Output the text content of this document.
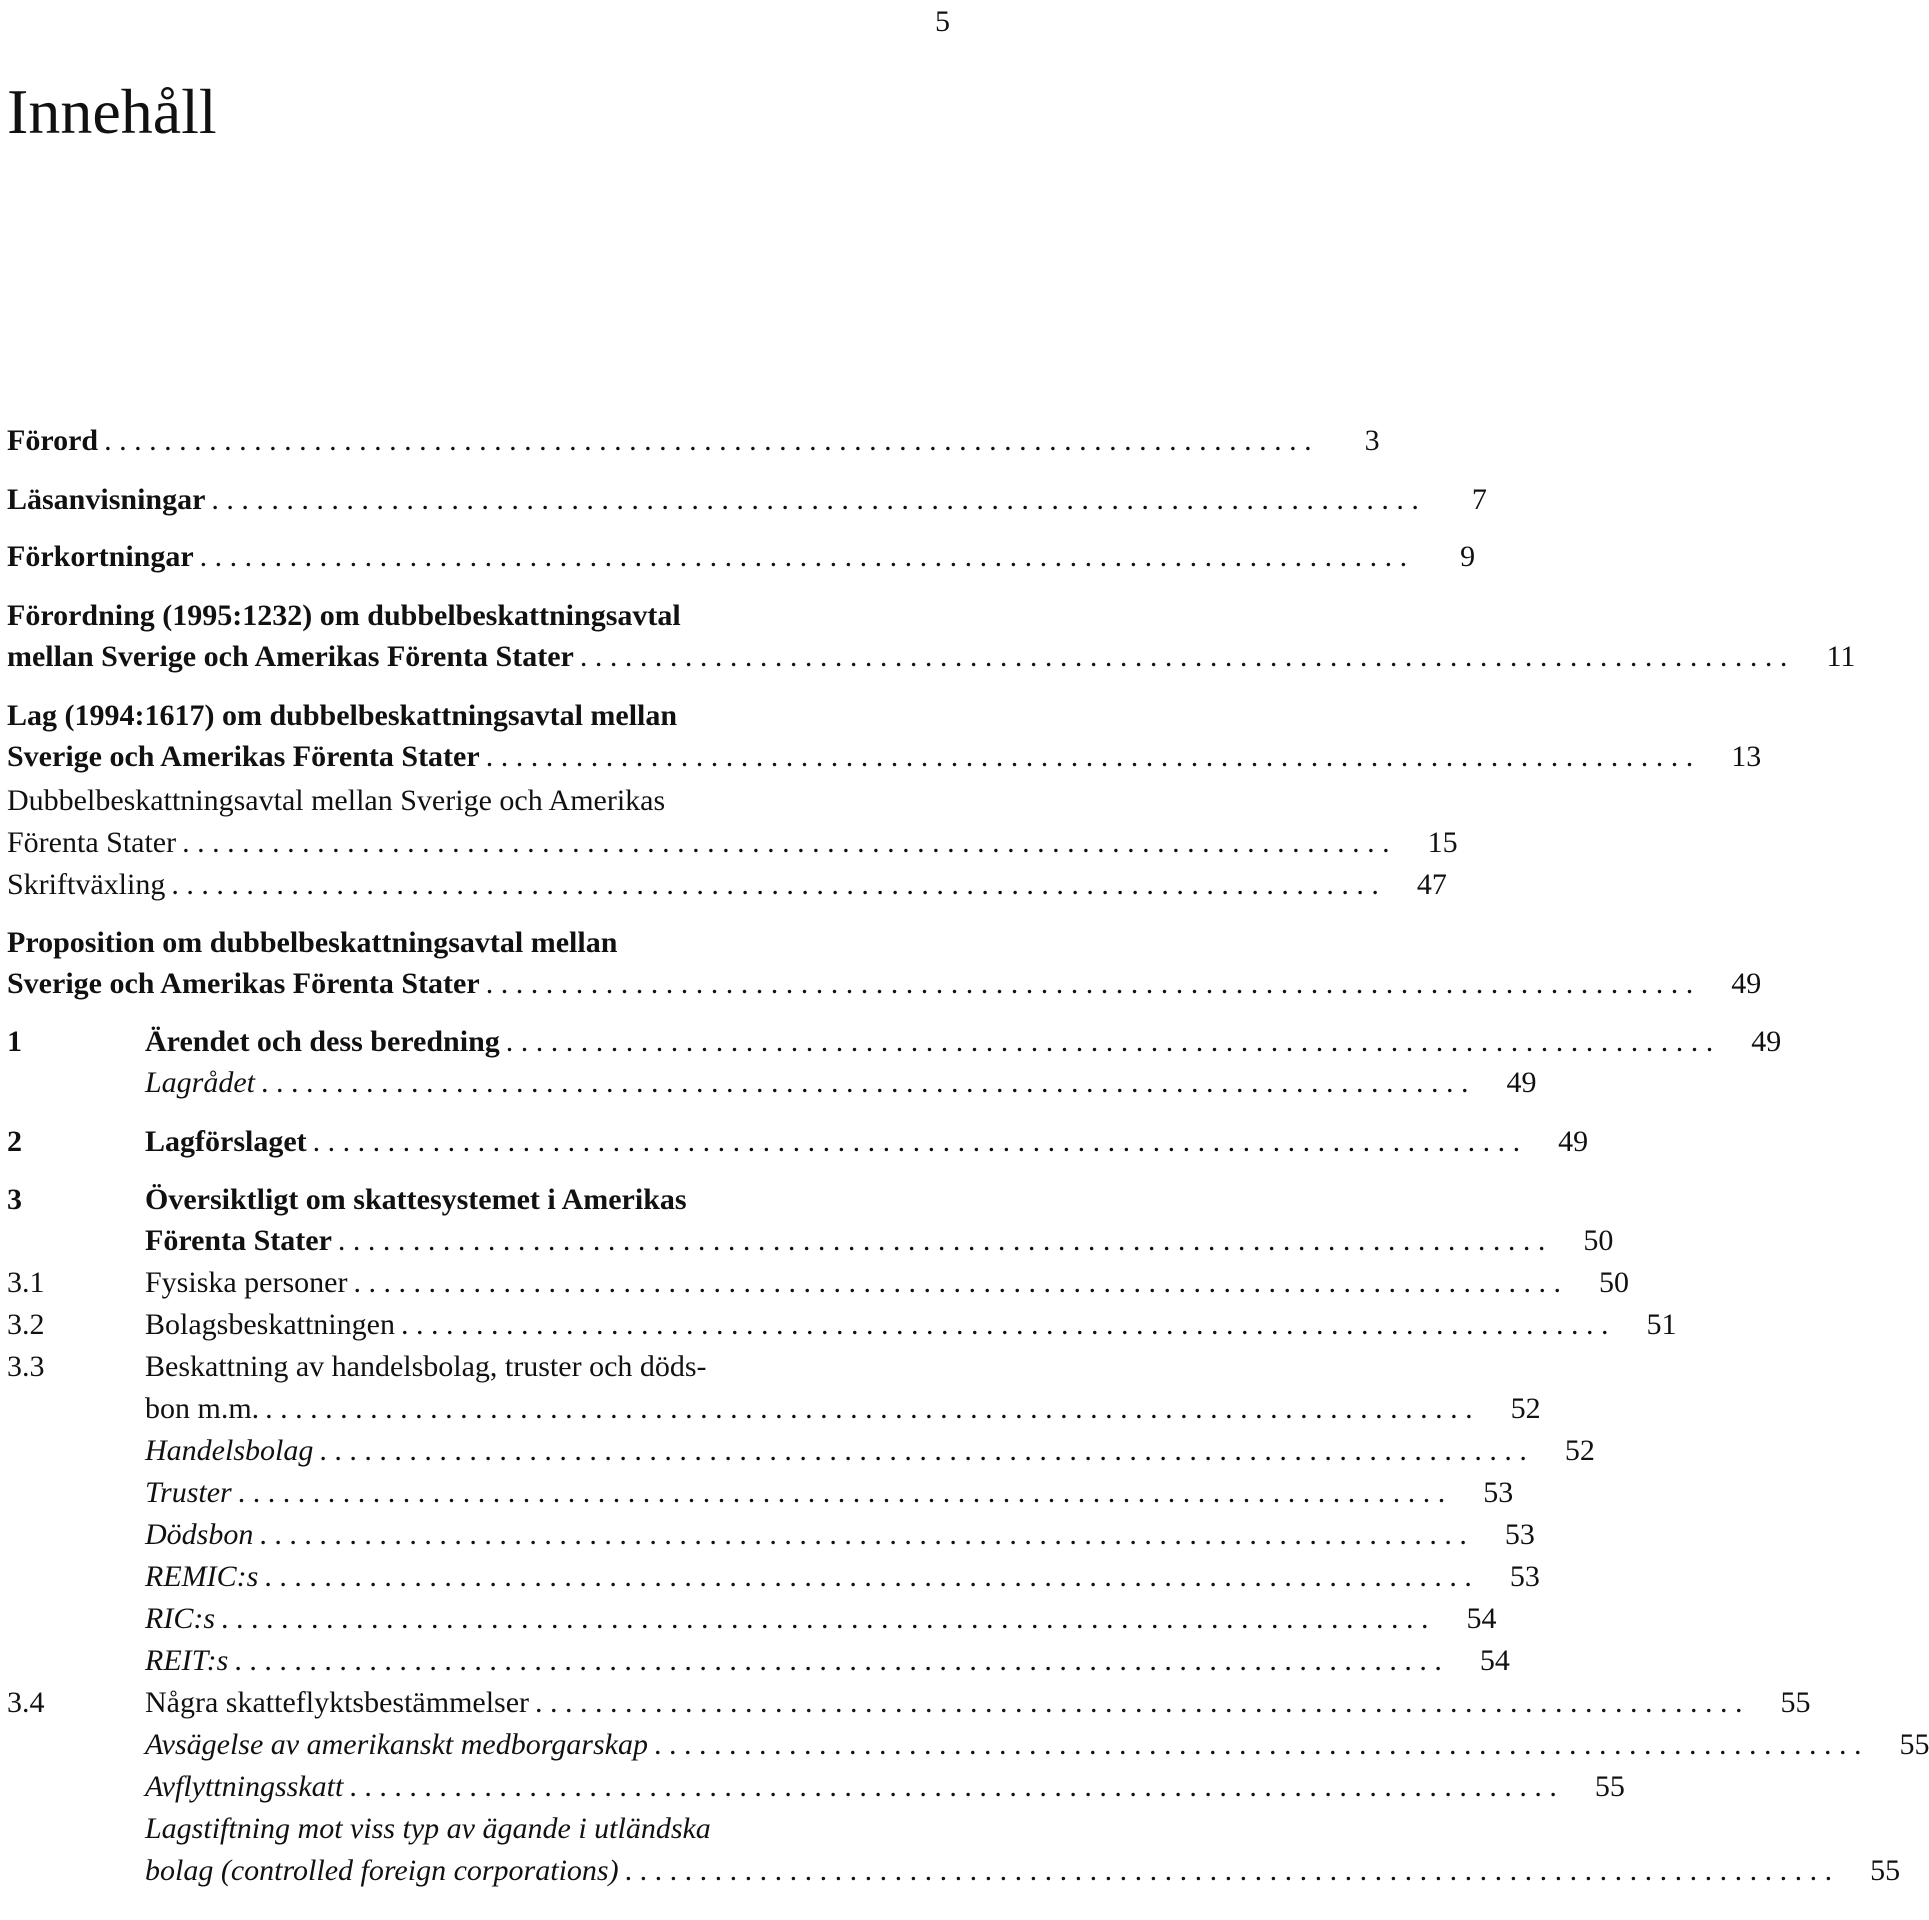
5
Innehåll
Förord . . .	3
Läsanvisningar . . .	7
Förkortningar . . .	9
Förordning (1995:1232) om dubbelbeskattningsavtal
mellan Sverige och Amerikas Förenta Stater . . .	11
Lag (1994:1617) om dubbelbeskattningsavtal mellan
Sverige och Amerikas Förenta Stater . . .	13
Dubbelbeskattningsavtal mellan Sverige och Amerikas
Förenta Stater . . .	15
Skriftväxling . . .	47
Proposition om dubbelbeskattningsavtal mellan
Sverige och Amerikas Förenta Stater . . .	49
1	Ärendet och dess beredning . . .	49
Lagrådet . . .	49
2	Lagförslaget . . .	49
3	Översiktligt om skattesystemet i Amerikas
Förenta Stater . . .	50
3.1	Fysiska personer . . .	50
3.2	Bolagsbeskattningen . . .	51
3.3	Beskattning av handelsbolag, truster och döds-
bon m.m. . . .	52
Handelsbolag . . .	52
Truster . . .	53
Dödsbon . . .	53
REMIC:s . . .	53
RIC:s . . .	54
REIT:s . . .	54
3.4	Några skatteflyktsbestämmelser . . .	55
Avsägelse av amerikanskt medborgarskap . . .	55
Avflyttningsskatt . . .	55
Lagstiftning mot viss typ av ägande i utländska
bolag (controlled foreign corporations) . . .	55
